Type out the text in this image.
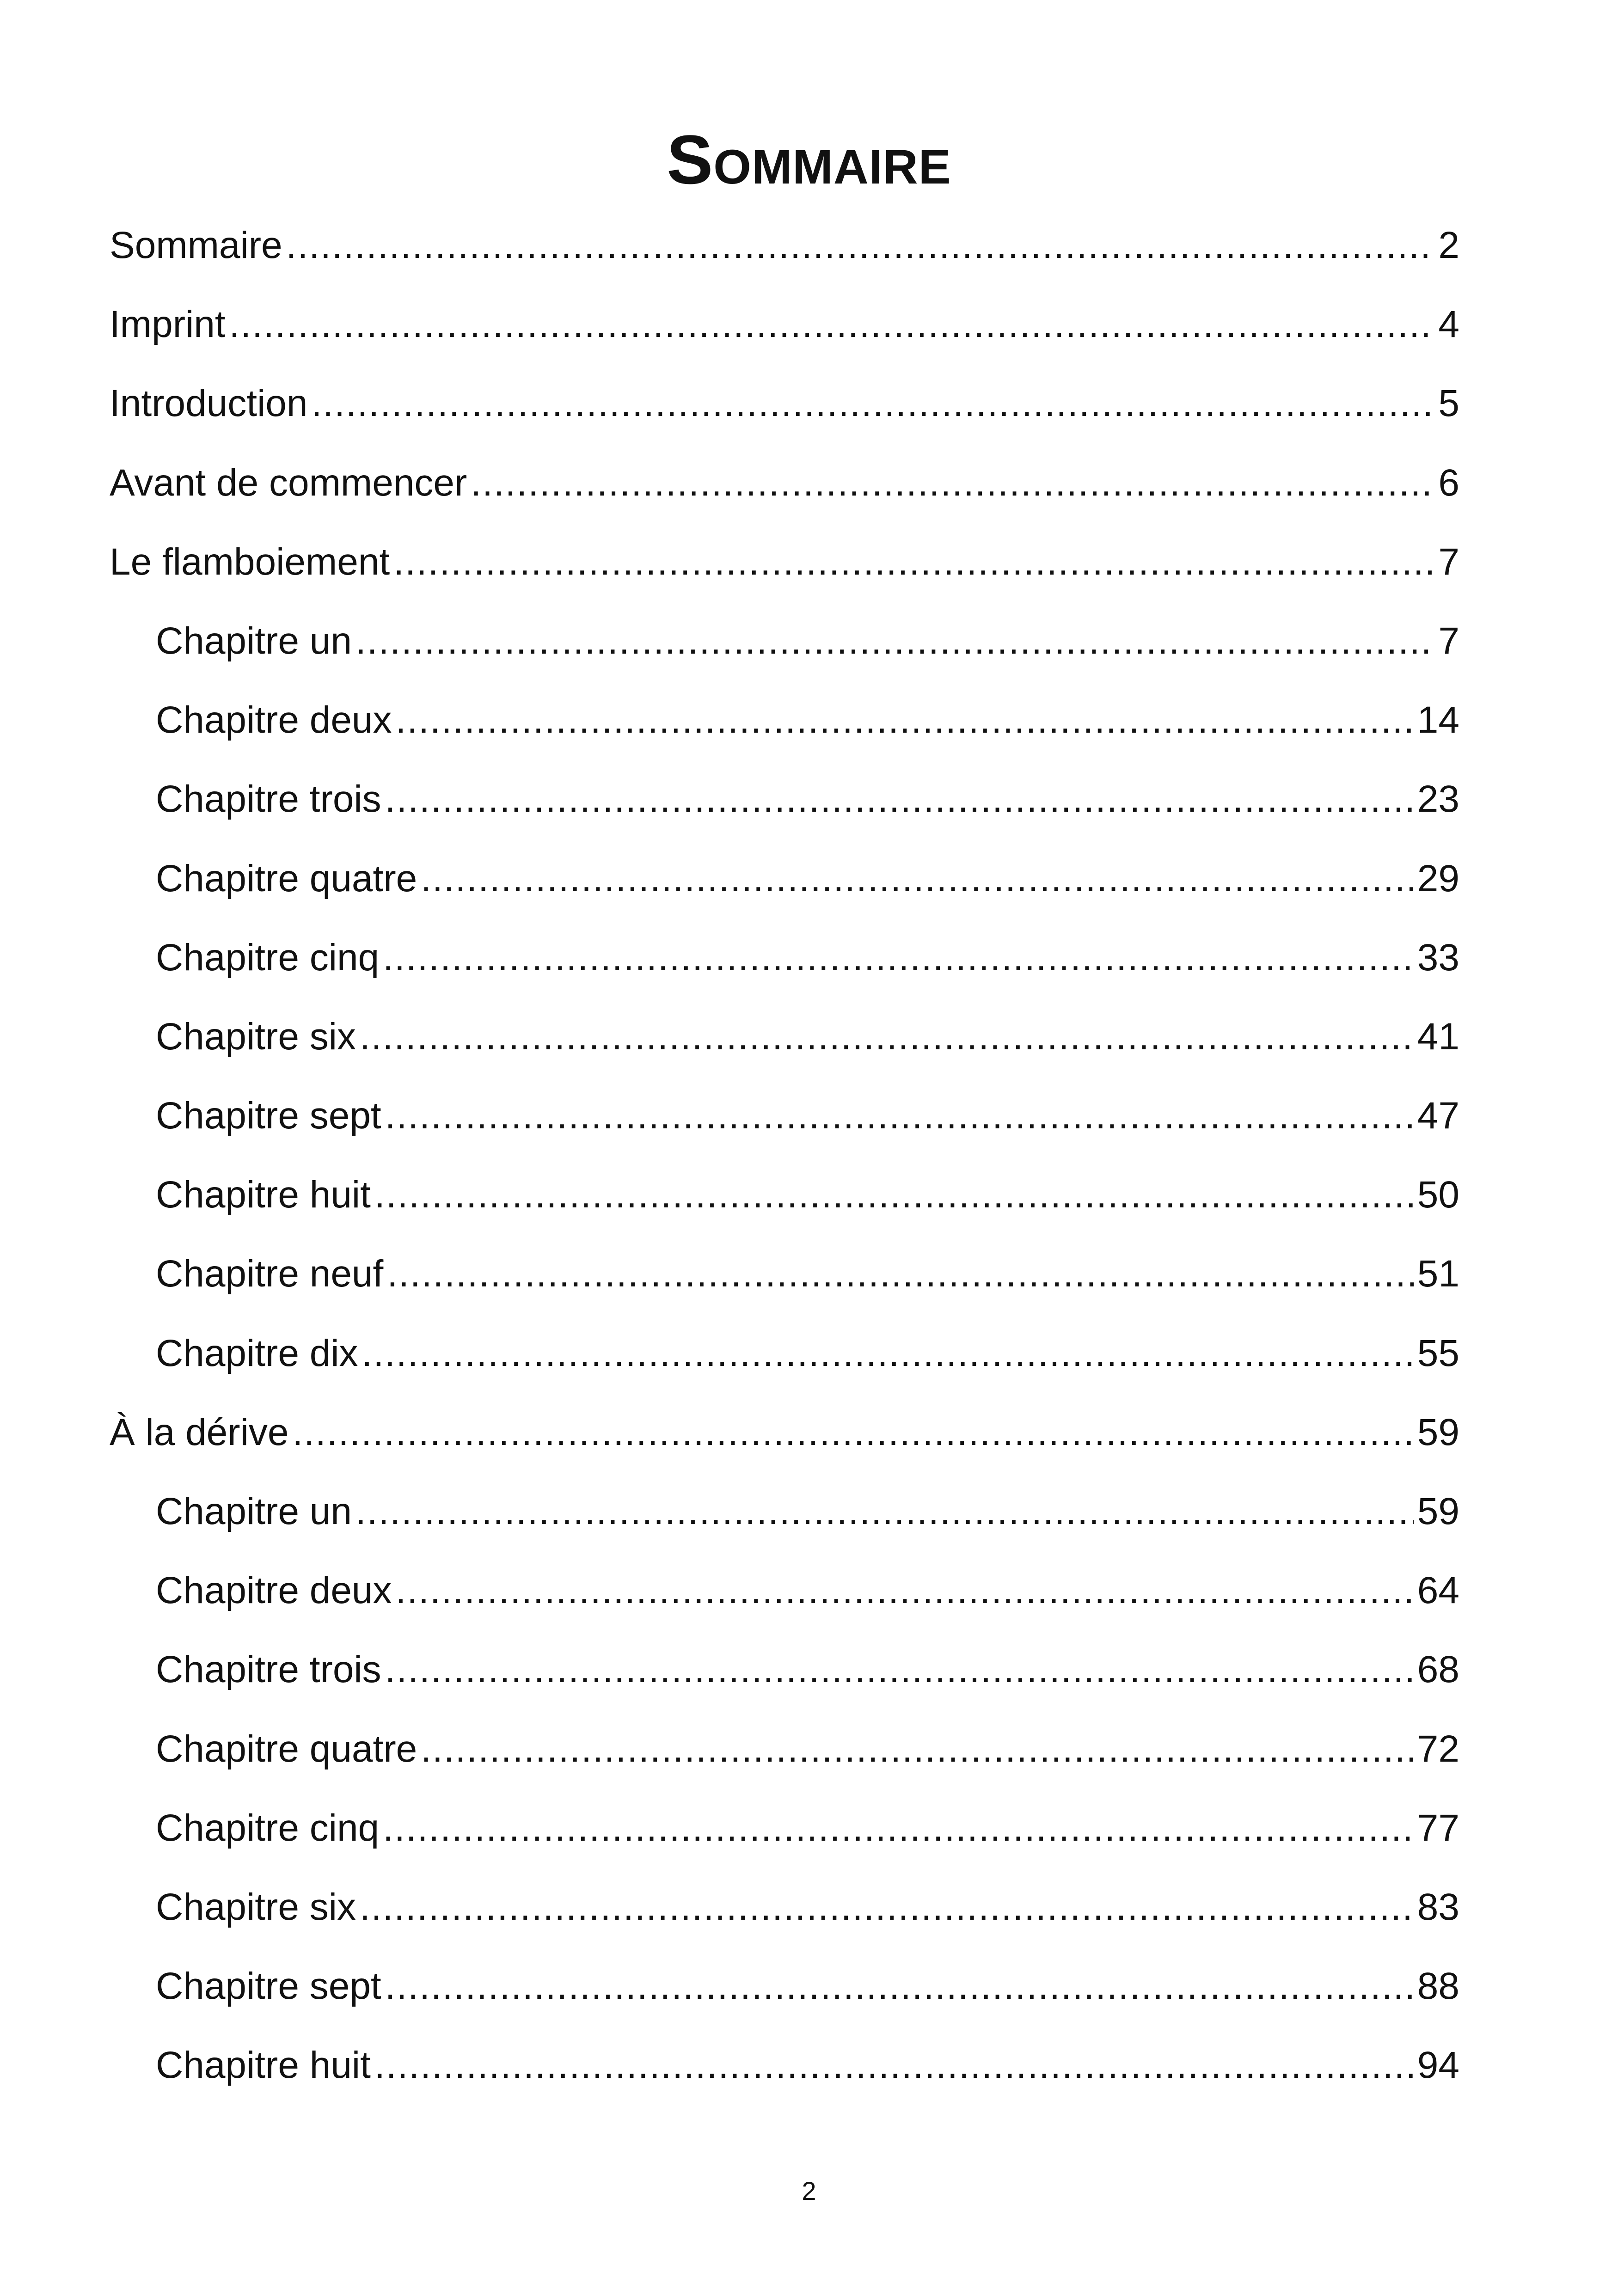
Sommaire
Sommaire .....	2
Imprint .....	4
Introduction .....	5
Avant de commencer .....	6
Le flamboiement .....	7
Chapitre un .....	7
Chapitre deux .....	14
Chapitre trois .....	23
Chapitre quatre .....	29
Chapitre cinq .....	33
Chapitre six .....	41
Chapitre sept .....	47
Chapitre huit .....	50
Chapitre neuf .....	51
Chapitre dix .....	55
À la dérive .....	59
Chapitre un .....	59
Chapitre deux .....	64
Chapitre trois .....	68
Chapitre quatre .....	72
Chapitre cinq .....	77
Chapitre six .....	83
Chapitre sept .....	88
Chapitre huit .....	94
2
